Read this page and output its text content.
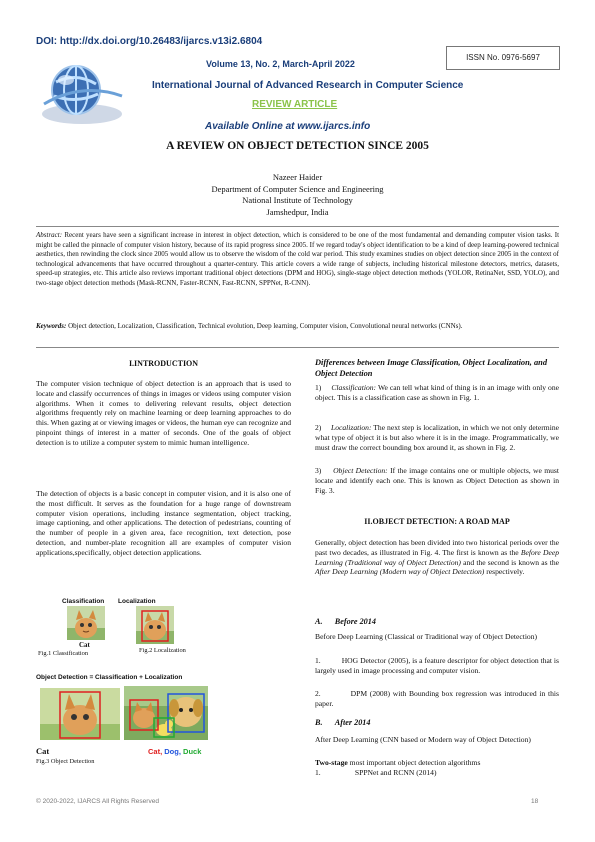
DOI: http://dx.doi.org/10.26483/ijarcs.v13i2.6804
ISSN No. 0976-5697
Volume 13, No. 2, March-April 2022
International Journal of Advanced Research in Computer Science
REVIEW ARTICLE
Available Online at www.ijarcs.info
A REVIEW ON OBJECT DETECTION SINCE 2005
Nazeer Haider
Department of Computer Science and Engineering
National Institute of Technology
Jamshedpur, India
Abstract: Recent years have seen a significant increase in interest in object detection, which is considered to be one of the most fundamental and demanding computer vision tasks. It might be called the pinnacle of computer vision history, because of its rapid progress since 2005. If we regard today's object identification to be a kind of deep learning-powered technical aesthetics, then rewinding the clock since 2005 would allow us to observe the wisdom of the cold war period. This study examines studies on object detection since 2005 in the context of technological advancements that have occurred throughout a quarter-century. This article covers a wide range of subjects, including historical milestone detectors, metrics, datasets, speed-up strategies, etc. This article also reviews important traditional object detections (DPM and HOG), single-stage object detection methods (YOLOR, RetinaNet, SSD, YOLO), and two-stage object detection methods (Mask-RCNN, Faster-RCNN, Fast-RCNN, SPPNet, R-CNN).
Keywords: Object detection, Localization, Classification, Technical evolution, Deep learning, Computer vision, Convolutional neural networks (CNNs).
I.INTRODUCTION
The computer vision technique of object detection is an approach that is used to locate and classify occurrences of things in images or videos using computer vision algorithms. When it comes to delivering relevant results, object detection algorithms frequently rely on machine learning or deep learning approaches to do this. When gazing at or viewing images or videos, the human eye can recognize and pinpoint things of interest in a matter of seconds. One of the goals of object detection is to utilize a computer system to mimic human intelligence.
The detection of objects is a basic concept in computer vision, and it is also one of the most difficult. It serves as the foundation for a huge range of downstream computer vision operations, including instance segmentation, object tracking, image captioning, and other applications. The detection of pedestrians, counting of the number of people in a given area, face recognition, text detection, pose detection, and number-plate recognition all are examples of computer vision applications,specifically, object detection applications.
Classification
Cat
Fig.1 Classification
Localization
Fig.2 Localization
Object Detection = Classification + Localization
Cat	Cat, Dog, Duck
Fig.3 Object Detection
Differences between Image Classification, Object Localization, and Object Detection
1) Classification: We can tell what kind of thing is in an image with only one object. This is a classification case as shown in Fig. 1.
2) Localization: The next step is localization, in which we not only determine what type of object it is but also where it is in the image. Programmatically, we must draw the correct bounding box around it, as shown in Fig. 2.
3) Object Detection: If the image contains one or multiple objects, we must locate and identify each one. This is known as Object Detection as shown in Fig. 3.
II.OBJECT DETECTION: A ROAD MAP
Generally, object detection has been divided into two historical periods over the past two decades, as illustrated in Fig. 4. The first is known as the Before Deep Learning (Traditional way of Object Detection) and the second is known as the After Deep Learning (Modern way of Object Detection) respectively.
A.      Before 2014
Before Deep Learning (Classical or Traditional way of Object Detection)
1.	HOG Detector (2005), is a feature descriptor for object detection that is largely used in image processing and computer vision.
2.	DPM (2008) with Bounding box regression was introduced in this paper.
B.      After 2014
After Deep Learning (CNN based or Modern way of Object Detection)
Two-stage most important object detection algorithms
1.	SPPNet and RCNN (2014)
© 2020-2022, IJARCS All Rights Reserved	18
